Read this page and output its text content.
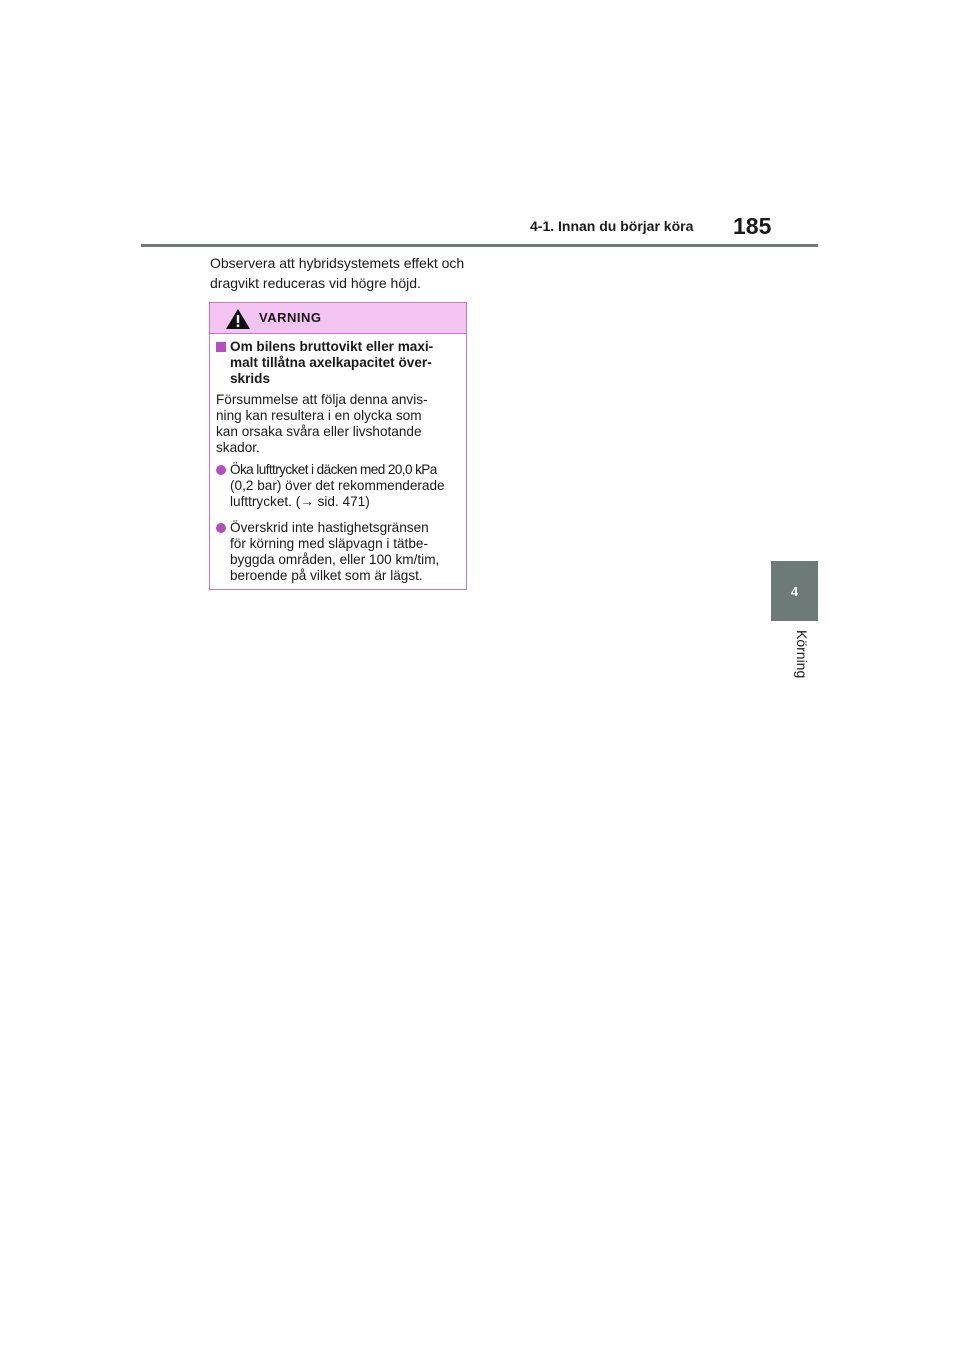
4-1. Innan du börjar köra 185
4
Körning
Observera att hybridsystemets effekt och dragvikt reduceras vid högre höjd.
VARNING
Om bilens bruttovikt eller maxi-
malt tillåtna axelkapacitet över-
skrids
Försummelse att följa denna anvis-
ning kan resultera i en olycka som
kan orsaka svåra eller livshotande
skador.
Öka lufttrycket i däcken med 20,0 kPa
(0,2 bar) över det rekommenderade
lufttrycket. (→ sid. 471)
Överskrid inte hastighetsgränsen
för körning med släpvagn i tätbe-
byggda områden, eller 100 km/tim,
beroende på vilket som är lägst.
